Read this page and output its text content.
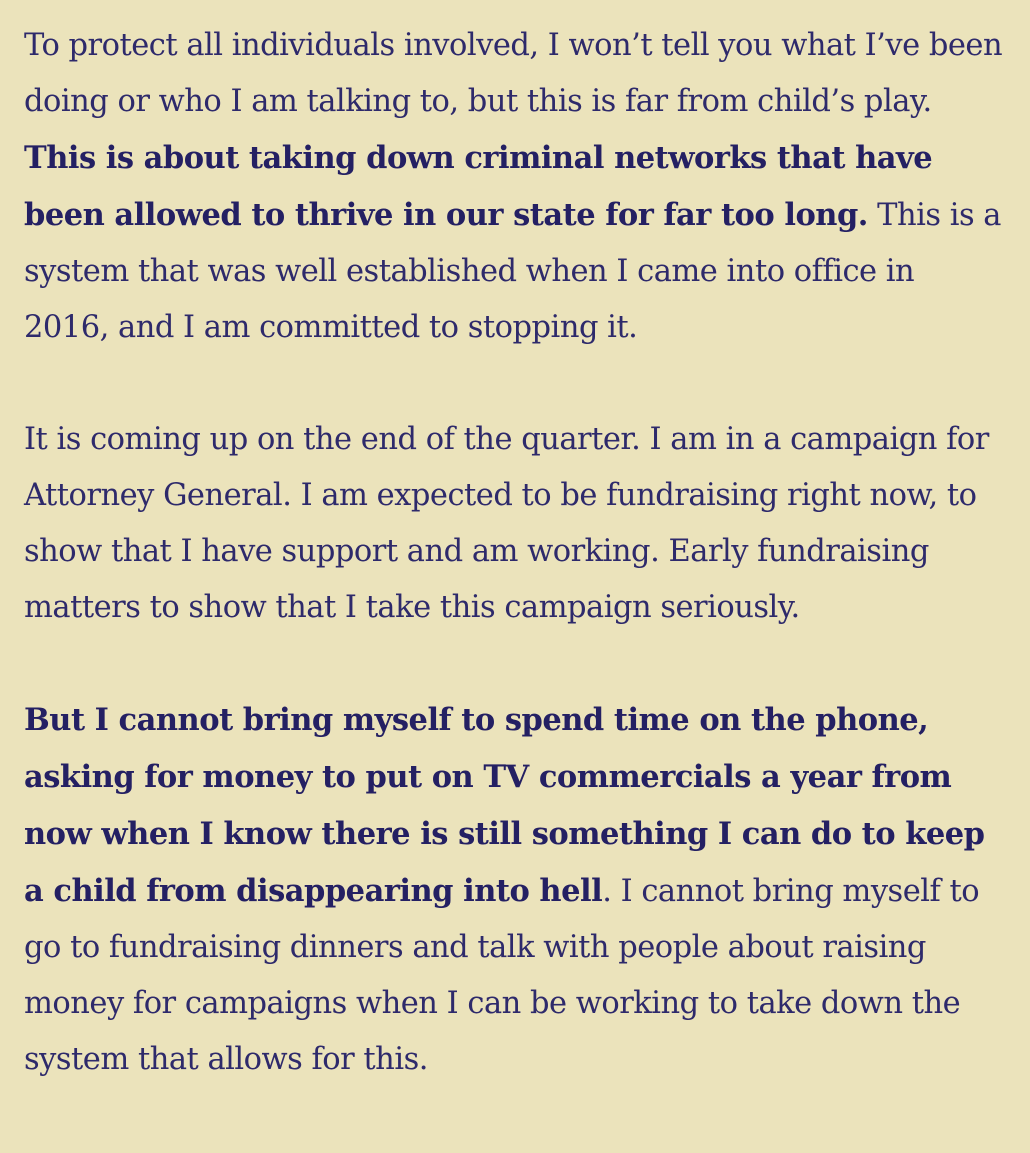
To protect all individuals involved, I won’t tell you what I’ve been doing or who I am talking to, but this is far from child’s play. This is about taking down criminal networks that have been allowed to thrive in our state for far too long. This is a system that was well established when I came into office in 2016, and I am committed to stopping it.

It is coming up on the end of the quarter. I am in a campaign for Attorney General. I am expected to be fundraising right now, to show that I have support and am working. Early fundraising matters to show that I take this campaign seriously.

But I cannot bring myself to spend time on the phone, asking for money to put on TV commercials a year from now when I know there is still something I can do to keep a child from disappearing into hell. I cannot bring myself to go to fundraising dinners and talk with people about raising money for campaigns when I can be working to take down the system that allows for this.
